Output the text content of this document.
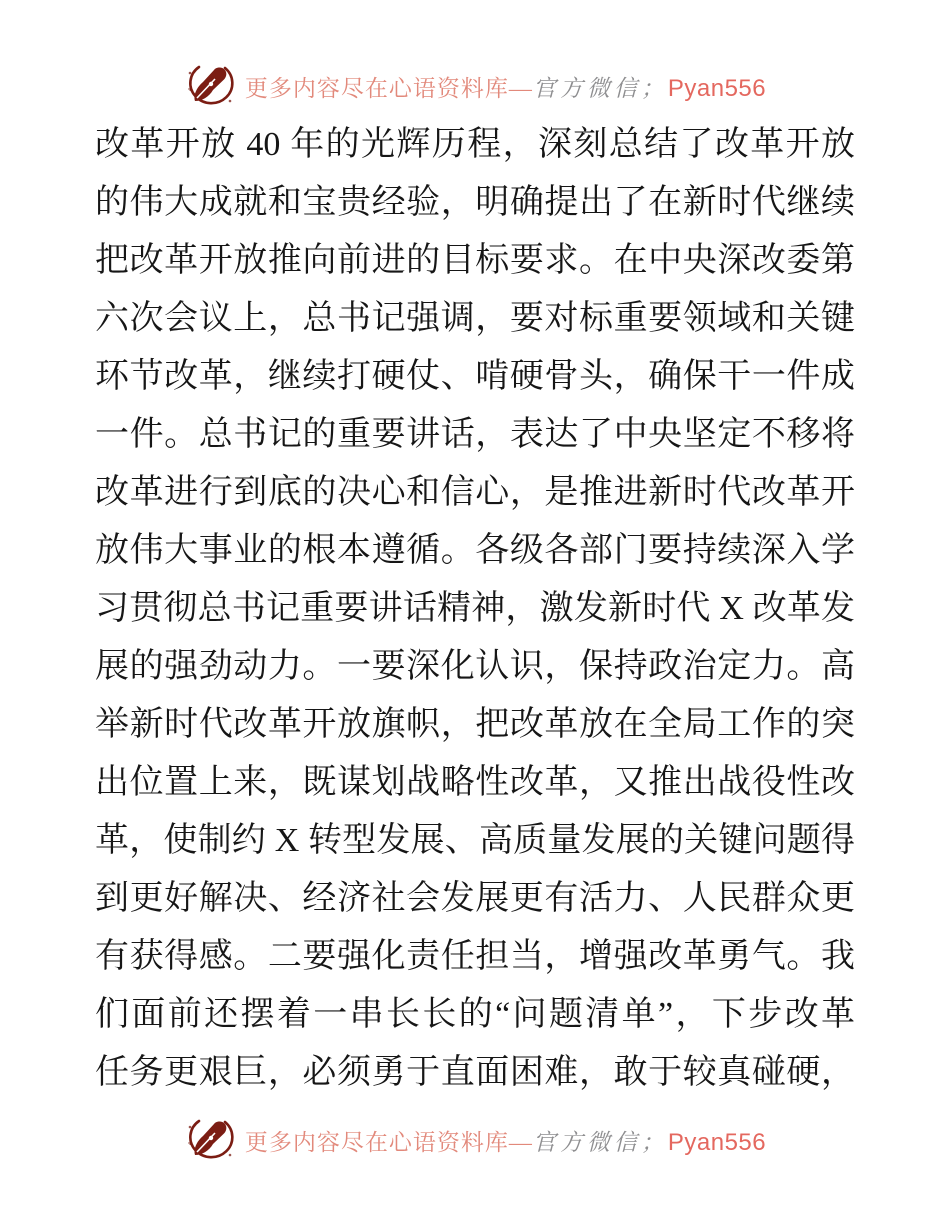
更多内容尽在心语资料库—官方微信；Pyan556
改革开放 40 年的光辉历程，深刻总结了改革开放
的伟大成就和宝贵经验，明确提出了在新时代继续
把改革开放推向前进的目标要求。在中央深改委第
六次会议上，总书记强调，要对标重要领域和关键
环节改革，继续打硬仗、啃硬骨头，确保干一件成
一件。总书记的重要讲话，表达了中央坚定不移将
改革进行到底的决心和信心，是推进新时代改革开
放伟大事业的根本遵循。各级各部门要持续深入学
习贯彻总书记重要讲话精神，激发新时代 X 改革发
展的强劲动力。一要深化认识，保持政治定力。高
举新时代改革开放旗帜，把改革放在全局工作的突
出位置上来，既谋划战略性改革，又推出战役性改
革，使制约 X 转型发展、高质量发展的关键问题得
到更好解决、经济社会发展更有活力、人民群众更
有获得感。二要强化责任担当，增强改革勇气。我
们面前还摆着一串长长的“问题清单”，下步改革
任务更艰巨，必须勇于直面困难，敢于较真碰硬，
更多内容尽在心语资料库—官方微信；Pyan556
